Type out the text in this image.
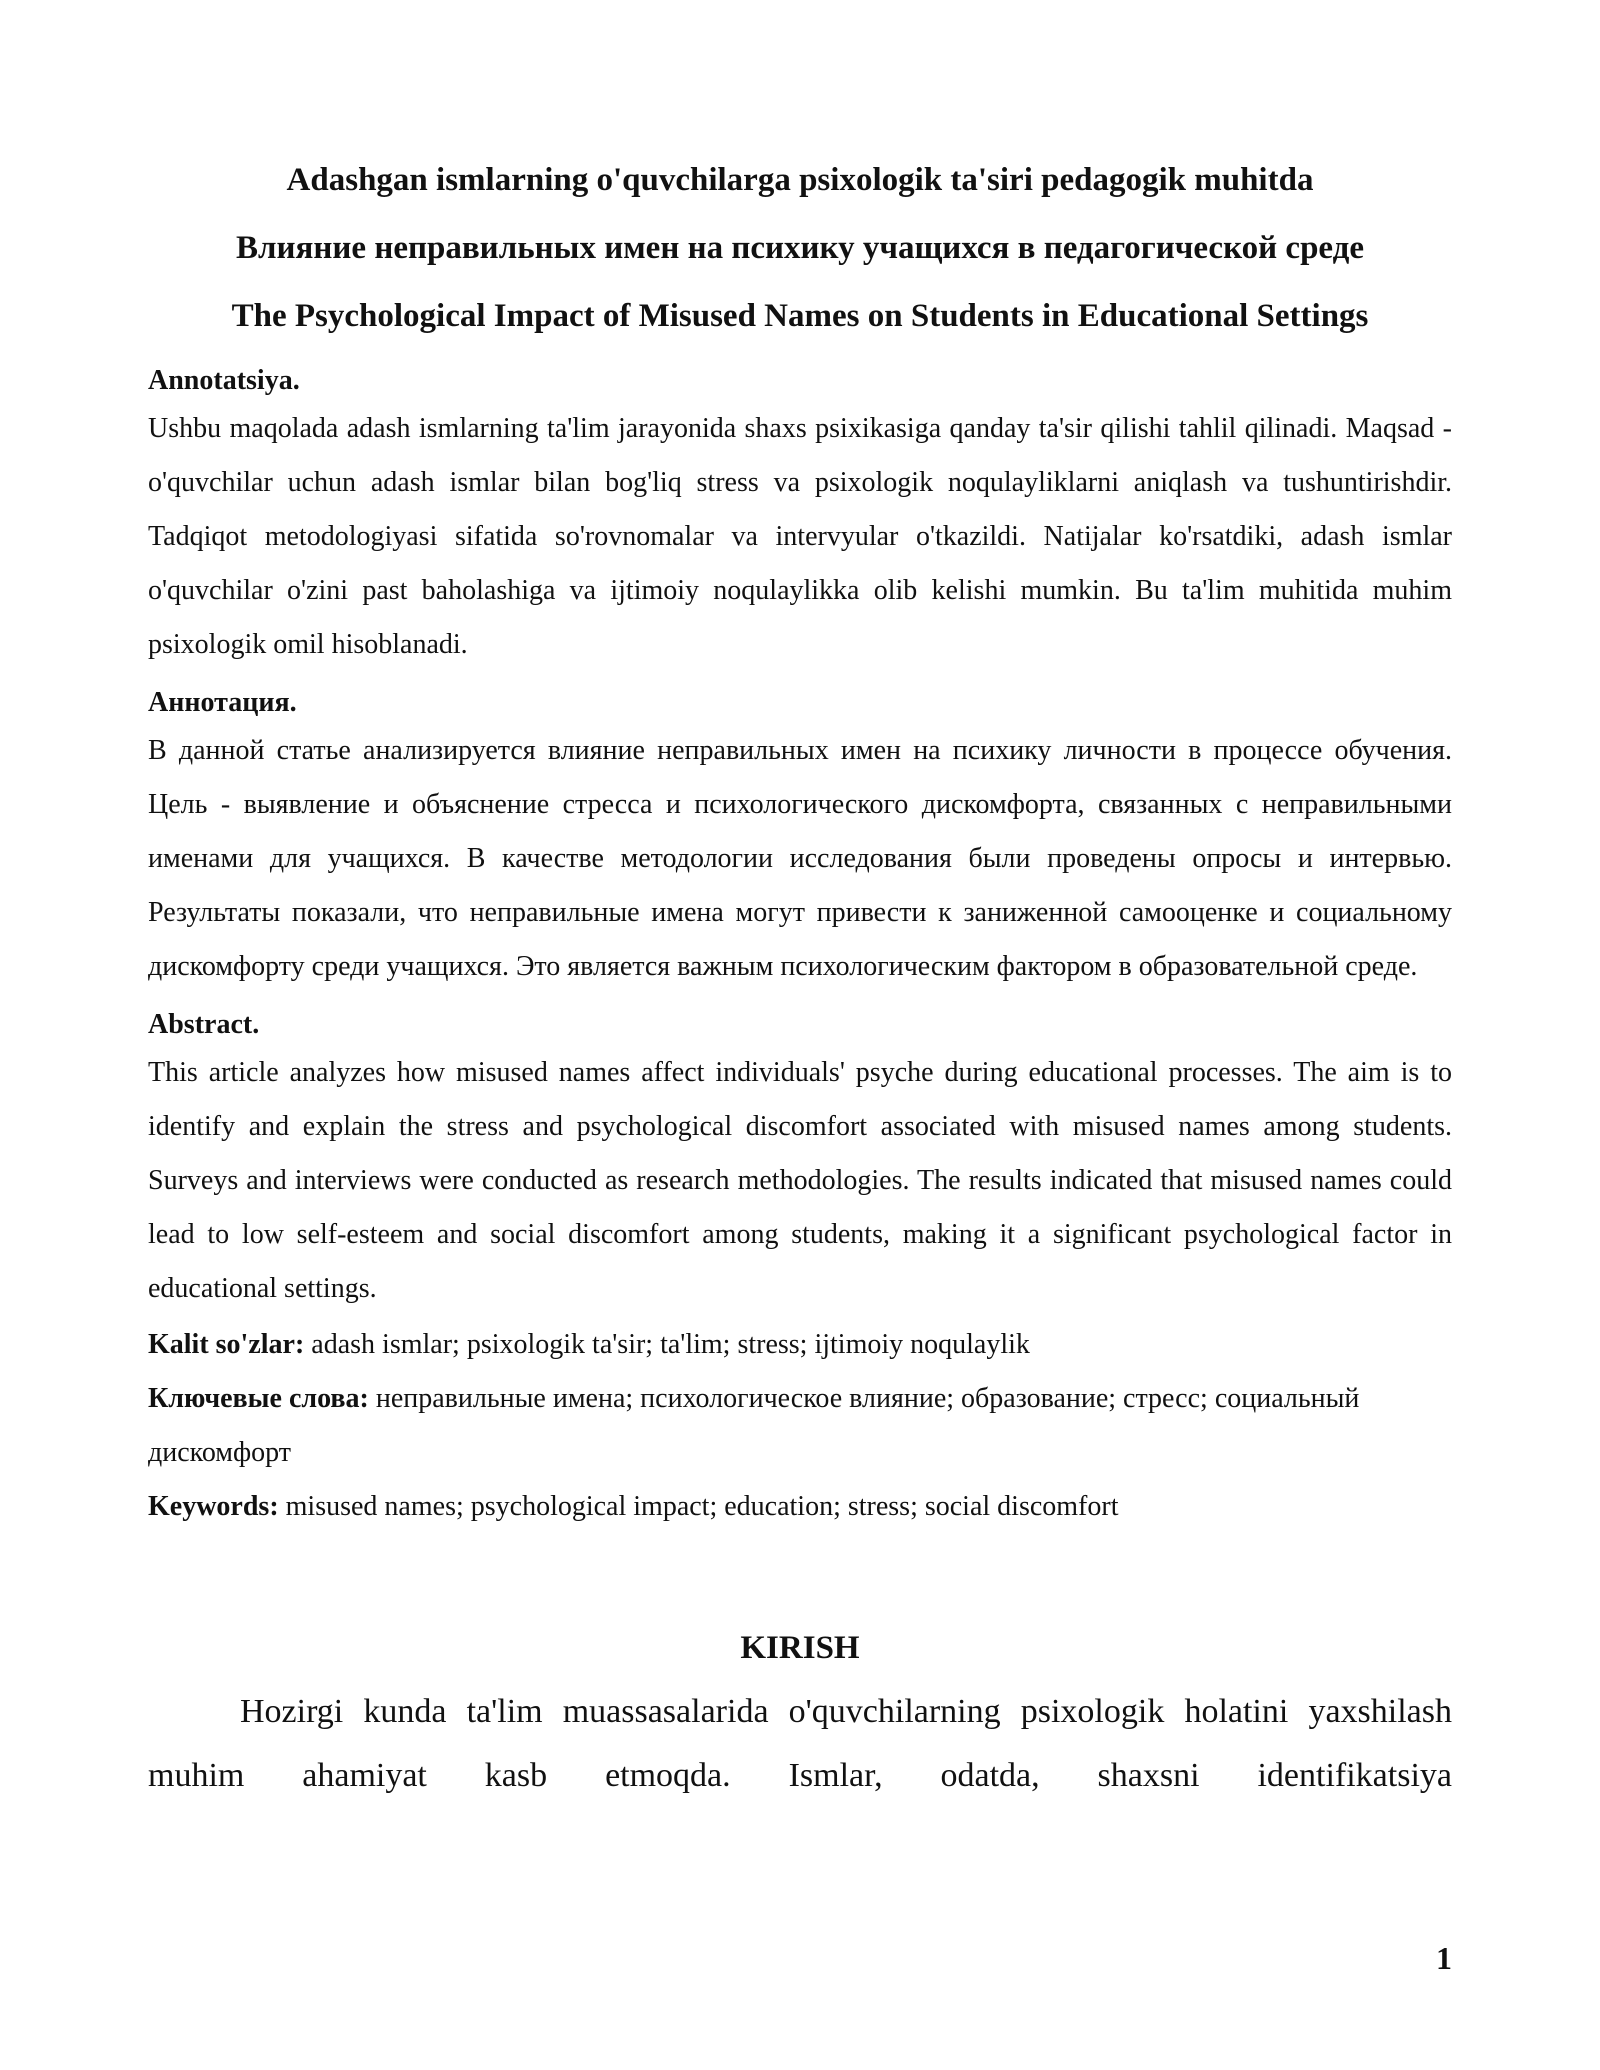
Adashgan ismlarning o'quvchilarga psixologik ta'siri pedagogik muhitda
Влияние неправильных имен на психику учащихся в педагогической среде
The Psychological Impact of Misused Names on Students in Educational Settings
Annotatsiya.

Ushbu maqolada adash ismlarning ta'lim jarayonida shaxs psixikasiga qanday ta'sir qilishi tahlil qilinadi. Maqsad - o'quvchilar uchun adash ismlar bilan bog'liq stress va psixologik noqulayliklarni aniqlash va tushuntirishdir. Tadqiqot metodologiyasi sifatida so'rovnomalar va intervyular o'tkazildi. Natijalar ko'rsatdiki, adash ismlar o'quvchilar o'zini past baholashiga va ijtimoiy noqulaylikka olib kelishi mumkin. Bu ta'lim muhitida muhim psixologik omil hisoblanadi.

Аннотация.

В данной статье анализируется влияние неправильных имен на психику личности в процессе обучения. Цель - выявление и объяснение стресса и психологического дискомфорта, связанных с неправильными именами для учащихся. В качестве методологии исследования были проведены опросы и интервью. Результаты показали, что неправильные имена могут привести к заниженной самооценке и социальному дискомфорту среди учащихся. Это является важным психологическим фактором в образовательной среде.

Abstract.

This article analyzes how misused names affect individuals' psyche during educational processes. The aim is to identify and explain the stress and psychological discomfort associated with misused names among students. Surveys and interviews were conducted as research methodologies. The results indicated that misused names could lead to low self-esteem and social discomfort among students, making it a significant psychological factor in educational settings.

Kalit so'zlar: adash ismlar; psixologik ta'sir; ta'lim; stress; ijtimoiy noqulaylik

Ключевые слова: неправильные имена; психологическое влияние; образование; стресс; социальный дискомфорт

Keywords: misused names; psychological impact; education; stress; social discomfort

KIRISH

Hozirgi kunda ta'lim muassasalarida o'quvchilarning psixologik holatini yaxshilash muhim ahamiyat kasb etmoqda. Ismlar, odatda, shaxsni identifikatsiya

1
